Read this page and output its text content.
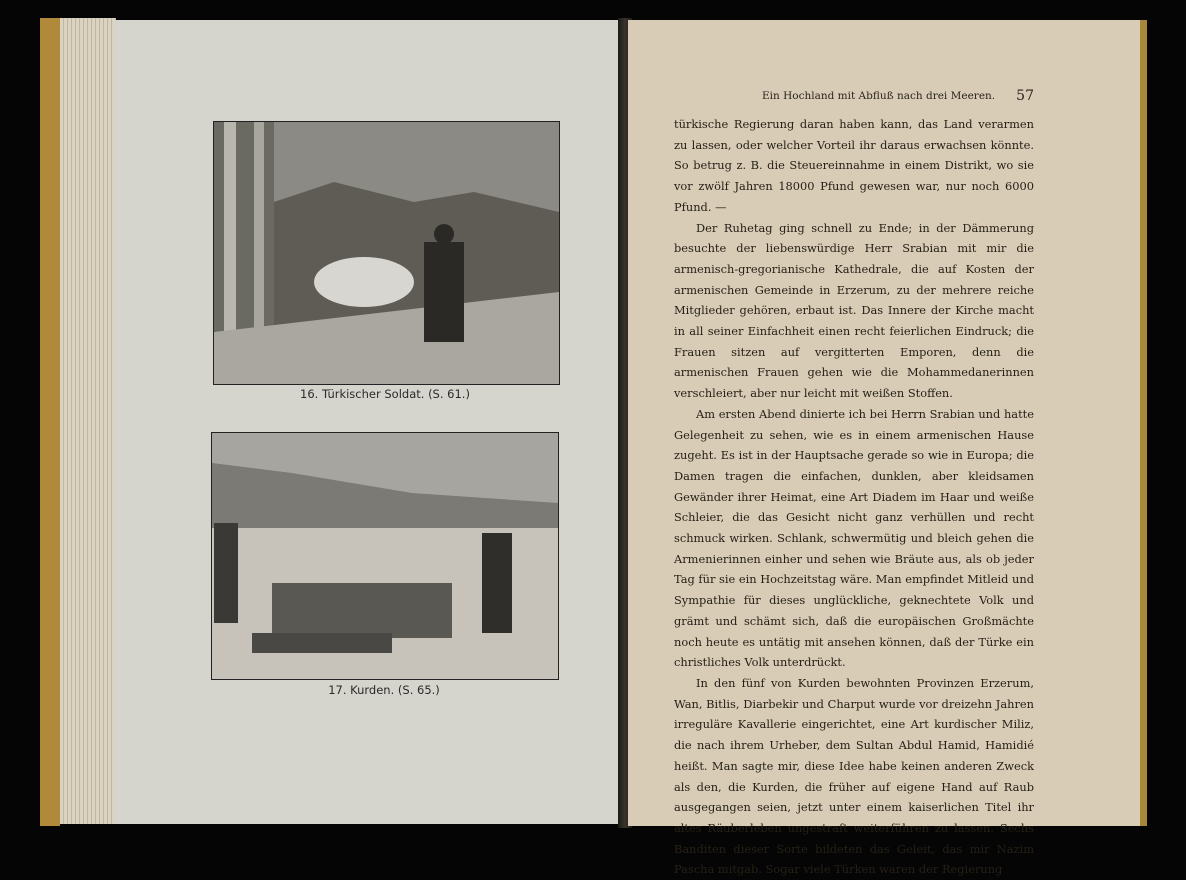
16. Türkischer Soldat. (S. 61.)
17. Kurden. (S. 65.)
Ein Hochland mit Abfluß nach drei Meeren. 57

türkische Regierung daran haben kann, das Land verarmen zu lassen, oder welcher Vorteil ihr daraus erwachsen könnte. So betrug z. B. die Steuereinnahme in einem Distrikt, wo sie vor zwölf Jahren 18000 Pfund gewesen war, nur noch 6000 Pfund. —

Der Ruhetag ging schnell zu Ende; in der Dämmerung besuchte der liebenswürdige Herr Srabian mit mir die armenisch-gregorianische Kathedrale, die auf Kosten der armenischen Gemeinde in Erzerum, zu der mehrere reiche Mitglieder gehören, erbaut ist. Das Innere der Kirche macht in all seiner Einfachheit einen recht feierlichen Eindruck; die Frauen sitzen auf vergitterten Emporen, denn die armenischen Frauen gehen wie die Mohammedanerinnen verschleiert, aber nur leicht mit weißen Stoffen.

Am ersten Abend dinierte ich bei Herrn Srabian und hatte Gelegenheit zu sehen, wie es in einem armenischen Hause zugeht. Es ist in der Hauptsache gerade so wie in Europa; die Damen tragen die einfachen, dunklen, aber kleidsamen Gewänder ihrer Heimat, eine Art Diadem im Haar und weiße Schleier, die das Gesicht nicht ganz verhüllen und recht schmuck wirken. Schlank, schwermütig und bleich gehen die Armenierinnen einher und sehen wie Bräute aus, als ob jeder Tag für sie ein Hochzeitstag wäre. Man empfindet Mitleid und Sympathie für dieses unglückliche, geknechtete Volk und grämt und schämt sich, daß die europäischen Großmächte noch heute es untätig mit ansehen können, daß der Türke ein christliches Volk unterdrückt.

In den fünf von Kurden bewohnten Provinzen Erzerum, Wan, Bitlis, Diarbekir und Charput wurde vor dreizehn Jahren irreguläre Kavallerie eingerichtet, eine Art kurdischer Miliz, die nach ihrem Urheber, dem Sultan Abdul Hamid, Hamidié heißt. Man sagte mir, diese Idee habe keinen anderen Zweck als den, die Kurden, die früher auf eigene Hand auf Raub ausgegangen seien, jetzt unter einem kaiserlichen Titel ihr altes Räuberleben ungestraft weiterführen zu lassen. Sechs Banditen dieser Sorte bildeten das Geleit, das mir Nazim Pascha mitgab. Sogar viele Türken waren der Regierung
